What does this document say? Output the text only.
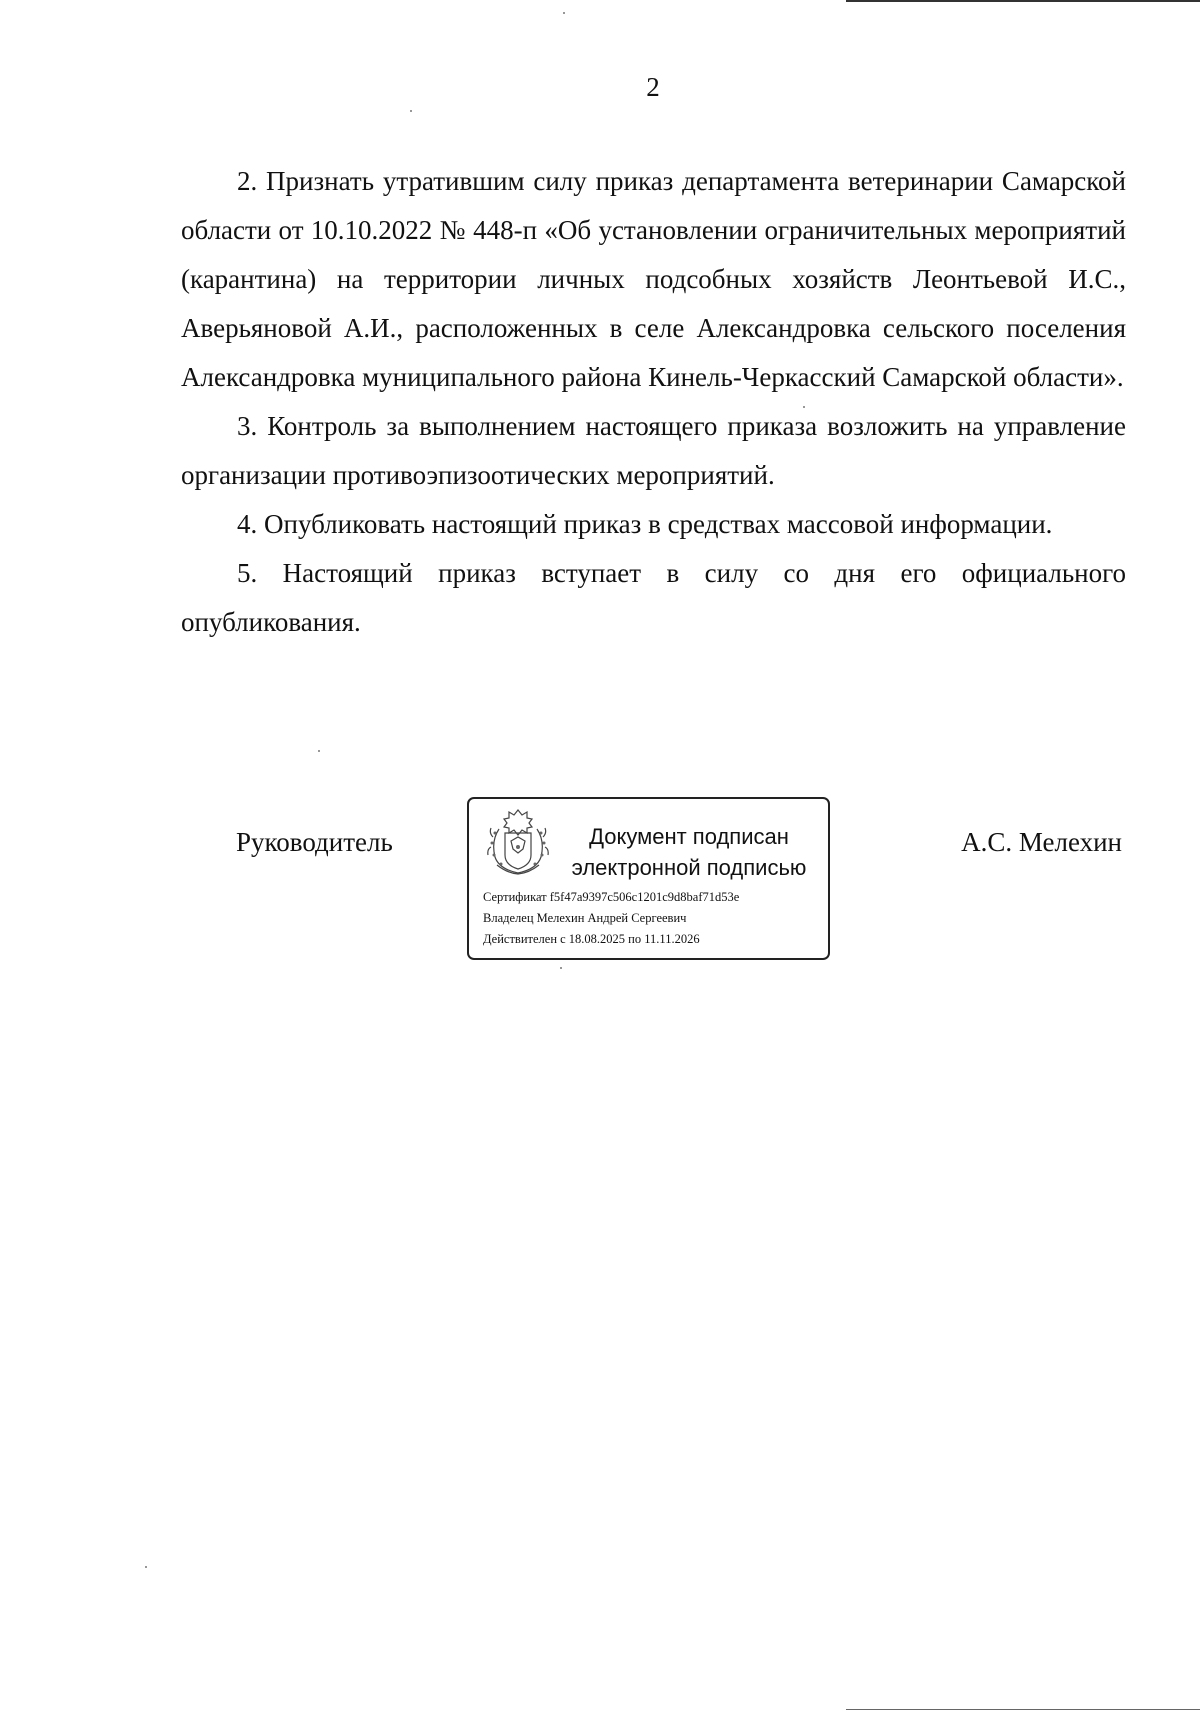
2

2. Признать утратившим силу приказ департамента ветеринарии Самарской области от 10.10.2022 № 448-п «Об установлении ограничительных мероприятий (карантина) на территории личных подсобных хозяйств Леонтьевой И.С., Аверьяновой А.И., расположенных в селе Александровка сельского поселения Александровка муниципального района Кинель-Черкасский Самарской области».

3. Контроль за выполнением настоящего приказа возложить на управление организации противоэпизоотических мероприятий.

4. Опубликовать настоящий приказ в средствах массовой информации.

5. Настоящий приказ вступает в силу со дня его официального опубликования.

Руководитель	Документ подписан
электронной подписью
Сертификат f5f47a9397c506c1201c9d8baf71d53e
Владелец Мелехин Андрей Сергеевич
Действителен с 18.08.2025 по 11.11.2026
А.С. Мелехин
